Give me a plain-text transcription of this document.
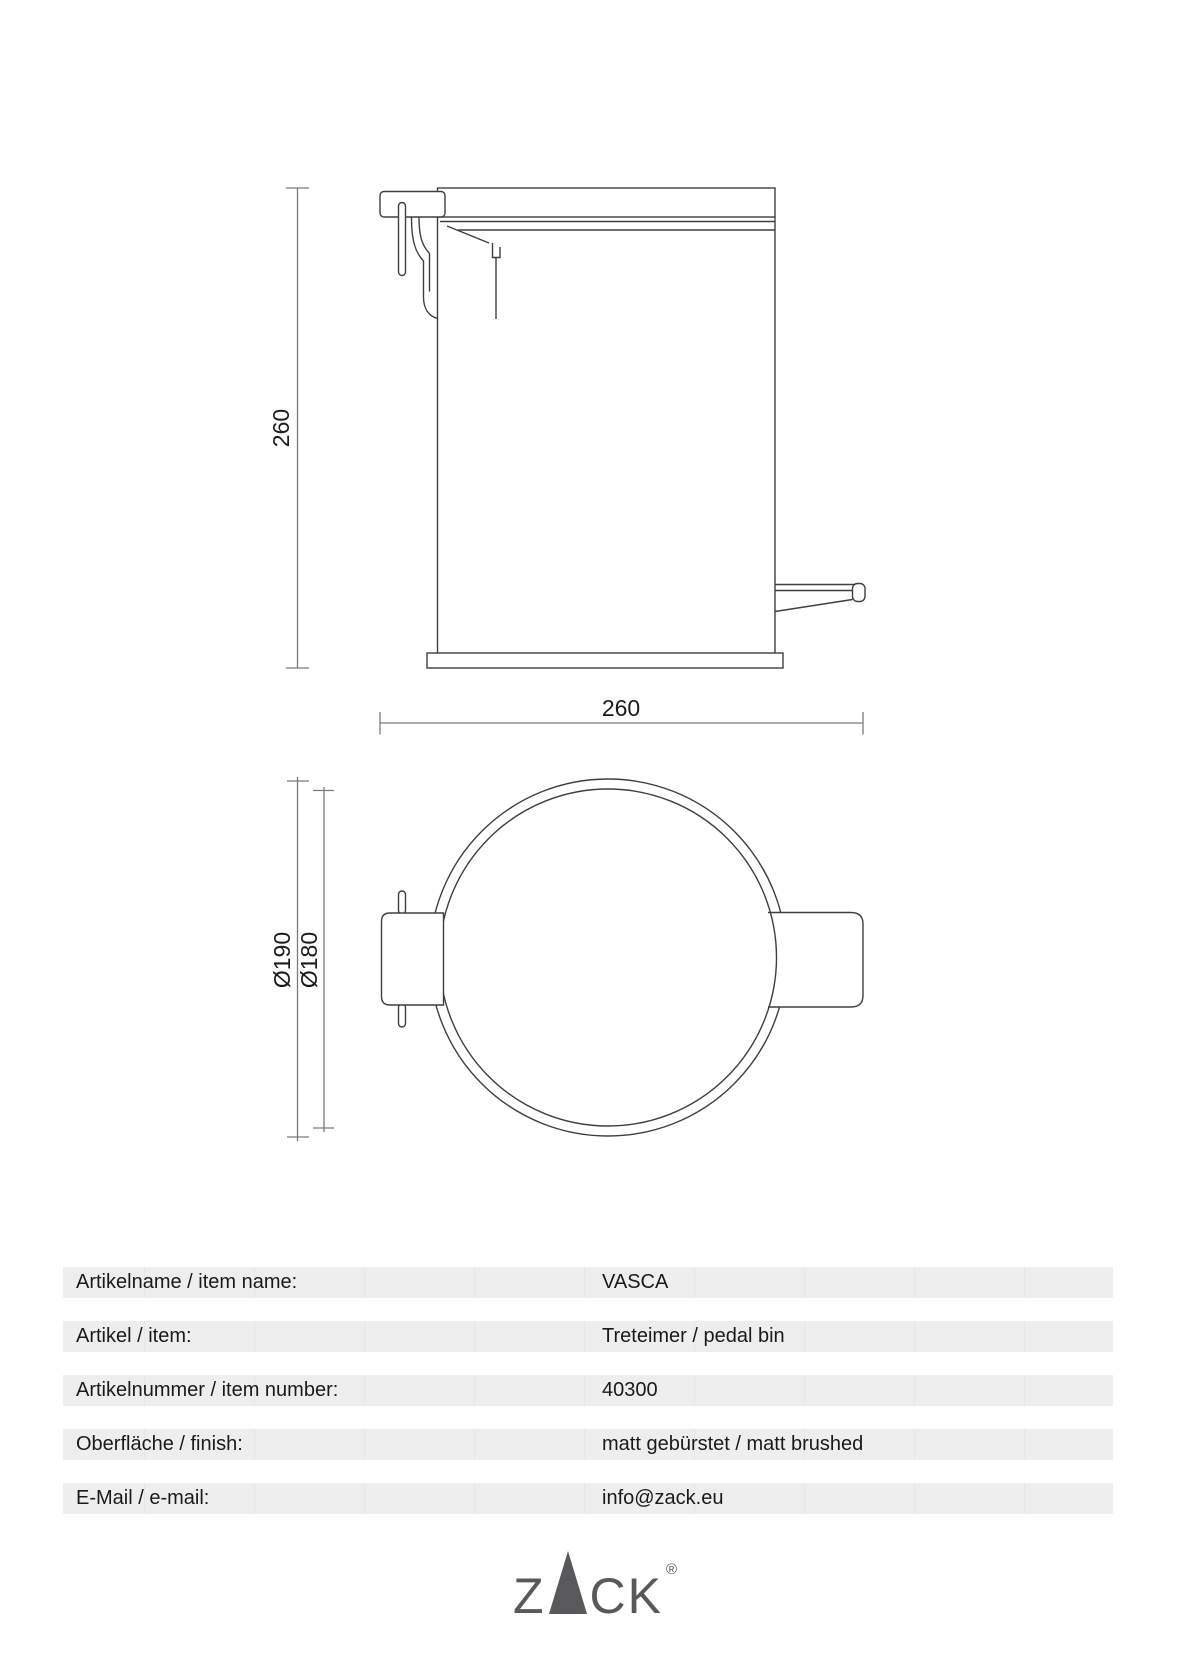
260
260
Ø190 Ø180
Artikelname / item name:	VASCA
Artikel / item:	Treteimer / pedal bin
Artikelnummer / item number:	40300
Oberfläche / finish:	matt gebürstet / matt brushed
E-Mail / e-mail:	info@zack.eu
Z CK ®
